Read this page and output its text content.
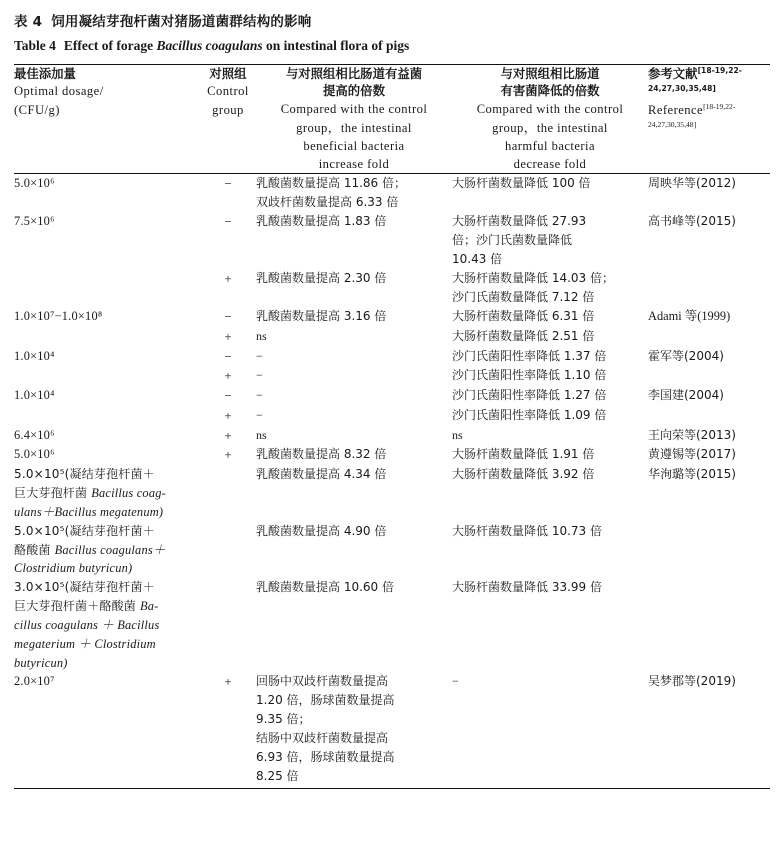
表 4 饲用凝结芽孢杆菌对猪肠道菌群结构的影响
Table 4 Effect of forage Bacillus coagulans on intestinal flora of pigs
最佳添加量
Optimal dosage/
(CFU/g)

对照组
Control
group

与对照组相比肠道有益菌
提高的倍数
Compared with the control
group，the intestinal
beneficial bacteria
increase fold

与对照组相比肠道
有害菌降低的倍数
Compared with the control
group，the intestinal
harmful bacteria
decrease fold

参考文献[18-19,22-24,27,30,35,48]
Reference[18-19,22-24,27,30,35,48]

5.0×10⁶	−	乳酸菌数量提高 11.86 倍；
双歧杆菌数量提高 6.33 倍	大肠杆菌数量降低 100 倍	周映华等(2012)
7.5×10⁶	−	乳酸菌数量提高 1.83 倍	大肠杆菌数量降低 27.93
倍；沙门氏菌数量降低
10.43 倍	高书峰等(2015)
	+	乳酸菌数量提高 2.30 倍	大肠杆菌数量降低 14.03 倍；
沙门氏菌数量降低 7.12 倍	

1.0×10⁷−1.0×10⁸	−	乳酸菌数量提高 3.16 倍	大肠杆菌数量降低 6.31 倍	Adami 等(1999)
	+	ns	大肠杆菌数量降低 2.51 倍	

1.0×10⁴	−	−	沙门氏菌阳性率降低 1.37 倍	霍军等(2004)
	+	−	沙门氏菌阳性率降低 1.10 倍	

1.0×10⁴	−	−	沙门氏菌阳性率降低 1.27 倍	李国建(2004)
	+	−	沙门氏菌阳性率降低 1.09 倍	

6.4×10⁶	+	ns	ns	王向荣等(2013)
5.0×10⁶	+	乳酸菌数量提高 8.32 倍	大肠杆菌数量降低 1.91 倍	黄遵锡等(2017)

5.0×10⁵(凝结芽孢杆菌＋
巨大芽孢杆菌 Bacillus coag-
ulans＋Bacillus megatenum)		乳酸菌数量提高 4.34 倍	大肠杆菌数量降低 3.92 倍	华洵璐等(2015)

5.0×10⁵(凝结芽孢杆菌＋
酪酸菌 Bacillus coagulans＋
Clostridium butyricun)		乳酸菌数量提高 4.90 倍	大肠杆菌数量降低 10.73 倍	

3.0×10⁵(凝结芽孢杆菌＋
巨大芽孢杆菌＋酪酸菌 Ba-
cillus coagulans ＋ Bacillus
megaterium ＋ Clostridium
butyricun)		乳酸菌数量提高 10.60 倍	大肠杆菌数量降低 33.99 倍	

2.0×10⁷	+	回肠中双歧杆菌数量提高
1.20 倍，肠球菌数量提高
9.35 倍；
结肠中双歧杆菌数量提高
6.93 倍，肠球菌数量提高
8.25 倍

−	吴梦郡等(2019)
